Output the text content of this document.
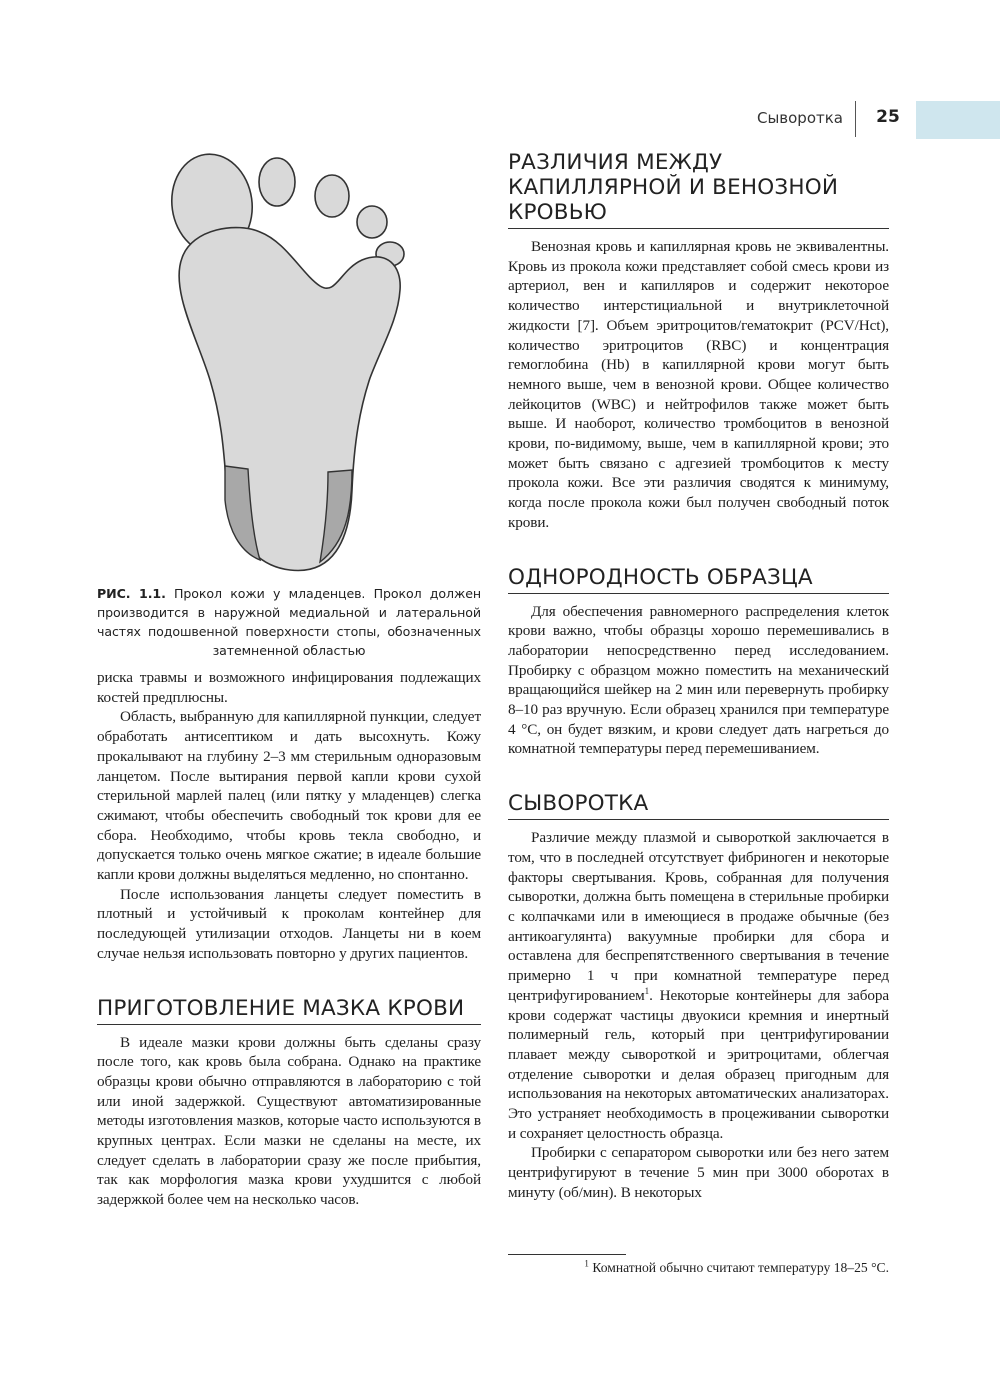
Сыворотка	25
РИС. 1.1. Прокол кожи у младенцев. Прокол должен производится в наружной медиальной и латеральной частях подошвенной поверхности стопы, обозначенных затемненной областью

риска травмы и возможного инфицирования подлежащих костей предплюсны.

Область, выбранную для капиллярной пункции, следует обработать антисептиком и дать высохнуть. Кожу прокалывают на глубину 2–3 мм стерильным одноразовым ланцетом. После вытирания первой капли крови сухой стерильной марлей палец (или пятку у младенцев) слегка сжимают, чтобы обеспечить свободный ток крови для ее сбора. Необходимо, чтобы кровь текла свободно, и допускается только очень мягкое сжатие; в идеале большие капли крови должны выделяться медленно, но спонтанно.

После использования ланцеты следует поместить в плотный и устойчивый к проколам контейнер для последующей утилизации отходов. Ланцеты ни в коем случае нельзя использовать повторно у других пациентов.

ПРИГОТОВЛЕНИЕ МАЗКА КРОВИ

В идеале мазки крови должны быть сделаны сразу после того, как кровь была собрана. Однако на практике образцы крови обычно отправляются в лабораторию с той или иной задержкой. Существуют автоматизированные методы изготовления мазков, которые часто используются в крупных центрах. Если мазки не сделаны на месте, их следует сделать в лаборатории сразу же после прибытия, так как морфология мазка крови ухудшится с любой задержкой более чем на несколько часов.

РАЗЛИЧИЯ МЕЖДУ КАПИЛЛЯРНОЙ И ВЕНОЗНОЙ КРОВЬЮ

Венозная кровь и капиллярная кровь не эквивалентны. Кровь из прокола кожи представляет собой смесь крови из артериол, вен и капилляров и содержит некоторое количество интерстициальной и внутриклеточной жидкости [7]. Объем эритроцитов/гематокрит (PCV/Hct), количество эритроцитов (RBC) и концентрация гемоглобина (Hb) в капиллярной крови могут быть немного выше, чем в венозной крови. Общее количество лейкоцитов (WBC) и нейтрофилов также может быть выше. И наоборот, количество тромбоцитов в венозной крови, по-видимому, выше, чем в капиллярной крови; это может быть связано с адгезией тромбоцитов к месту прокола кожи. Все эти различия сводятся к минимуму, когда после прокола кожи был получен свободный поток крови.

ОДНОРОДНОСТЬ ОБРАЗЦА

Для обеспечения равномерного распределения клеток крови важно, чтобы образцы хорошо перемешивались в лаборатории непосредственно перед исследованием. Пробирку с образцом можно поместить на механический вращающийся шейкер на 2 мин или перевернуть пробирку 8–10 раз вручную. Если образец хранился при температуре 4 °С, он будет вязким, и крови следует дать нагреться до комнатной температуры перед перемешиванием.

СЫВОРОТКА

Различие между плазмой и сывороткой заключается в том, что в последней отсутствует фибриноген и некоторые факторы свертывания. Кровь, собранная для получения сыворотки, должна быть помещена в стерильные пробирки с колпачками или в имеющиеся в продаже обычные (без антикоагулянта) вакуумные пробирки для сбора и оставлена для беспрепятственного свертывания в течение примерно 1 ч при комнатной температуре перед центрифугированием$^1$. Некоторые контейнеры для забора крови содержат частицы двуокиси кремния и инертный полимерный гель, который при центрифугировании плавает между сывороткой и эритроцитами, облегчая отделение сыворотки и делая образец пригодным для использования на некоторых автоматических анализаторах. Это устраняет необходимость в процеживании сыворотки и сохраняет целостность образца.

Пробирки с сепаратором сыворотки или без него затем центрифугируют в течение 5 мин при 3000 оборотах в минуту (об/мин). В некоторых

$^1$ Комнатной обычно считают температуру 18–25 °С.
